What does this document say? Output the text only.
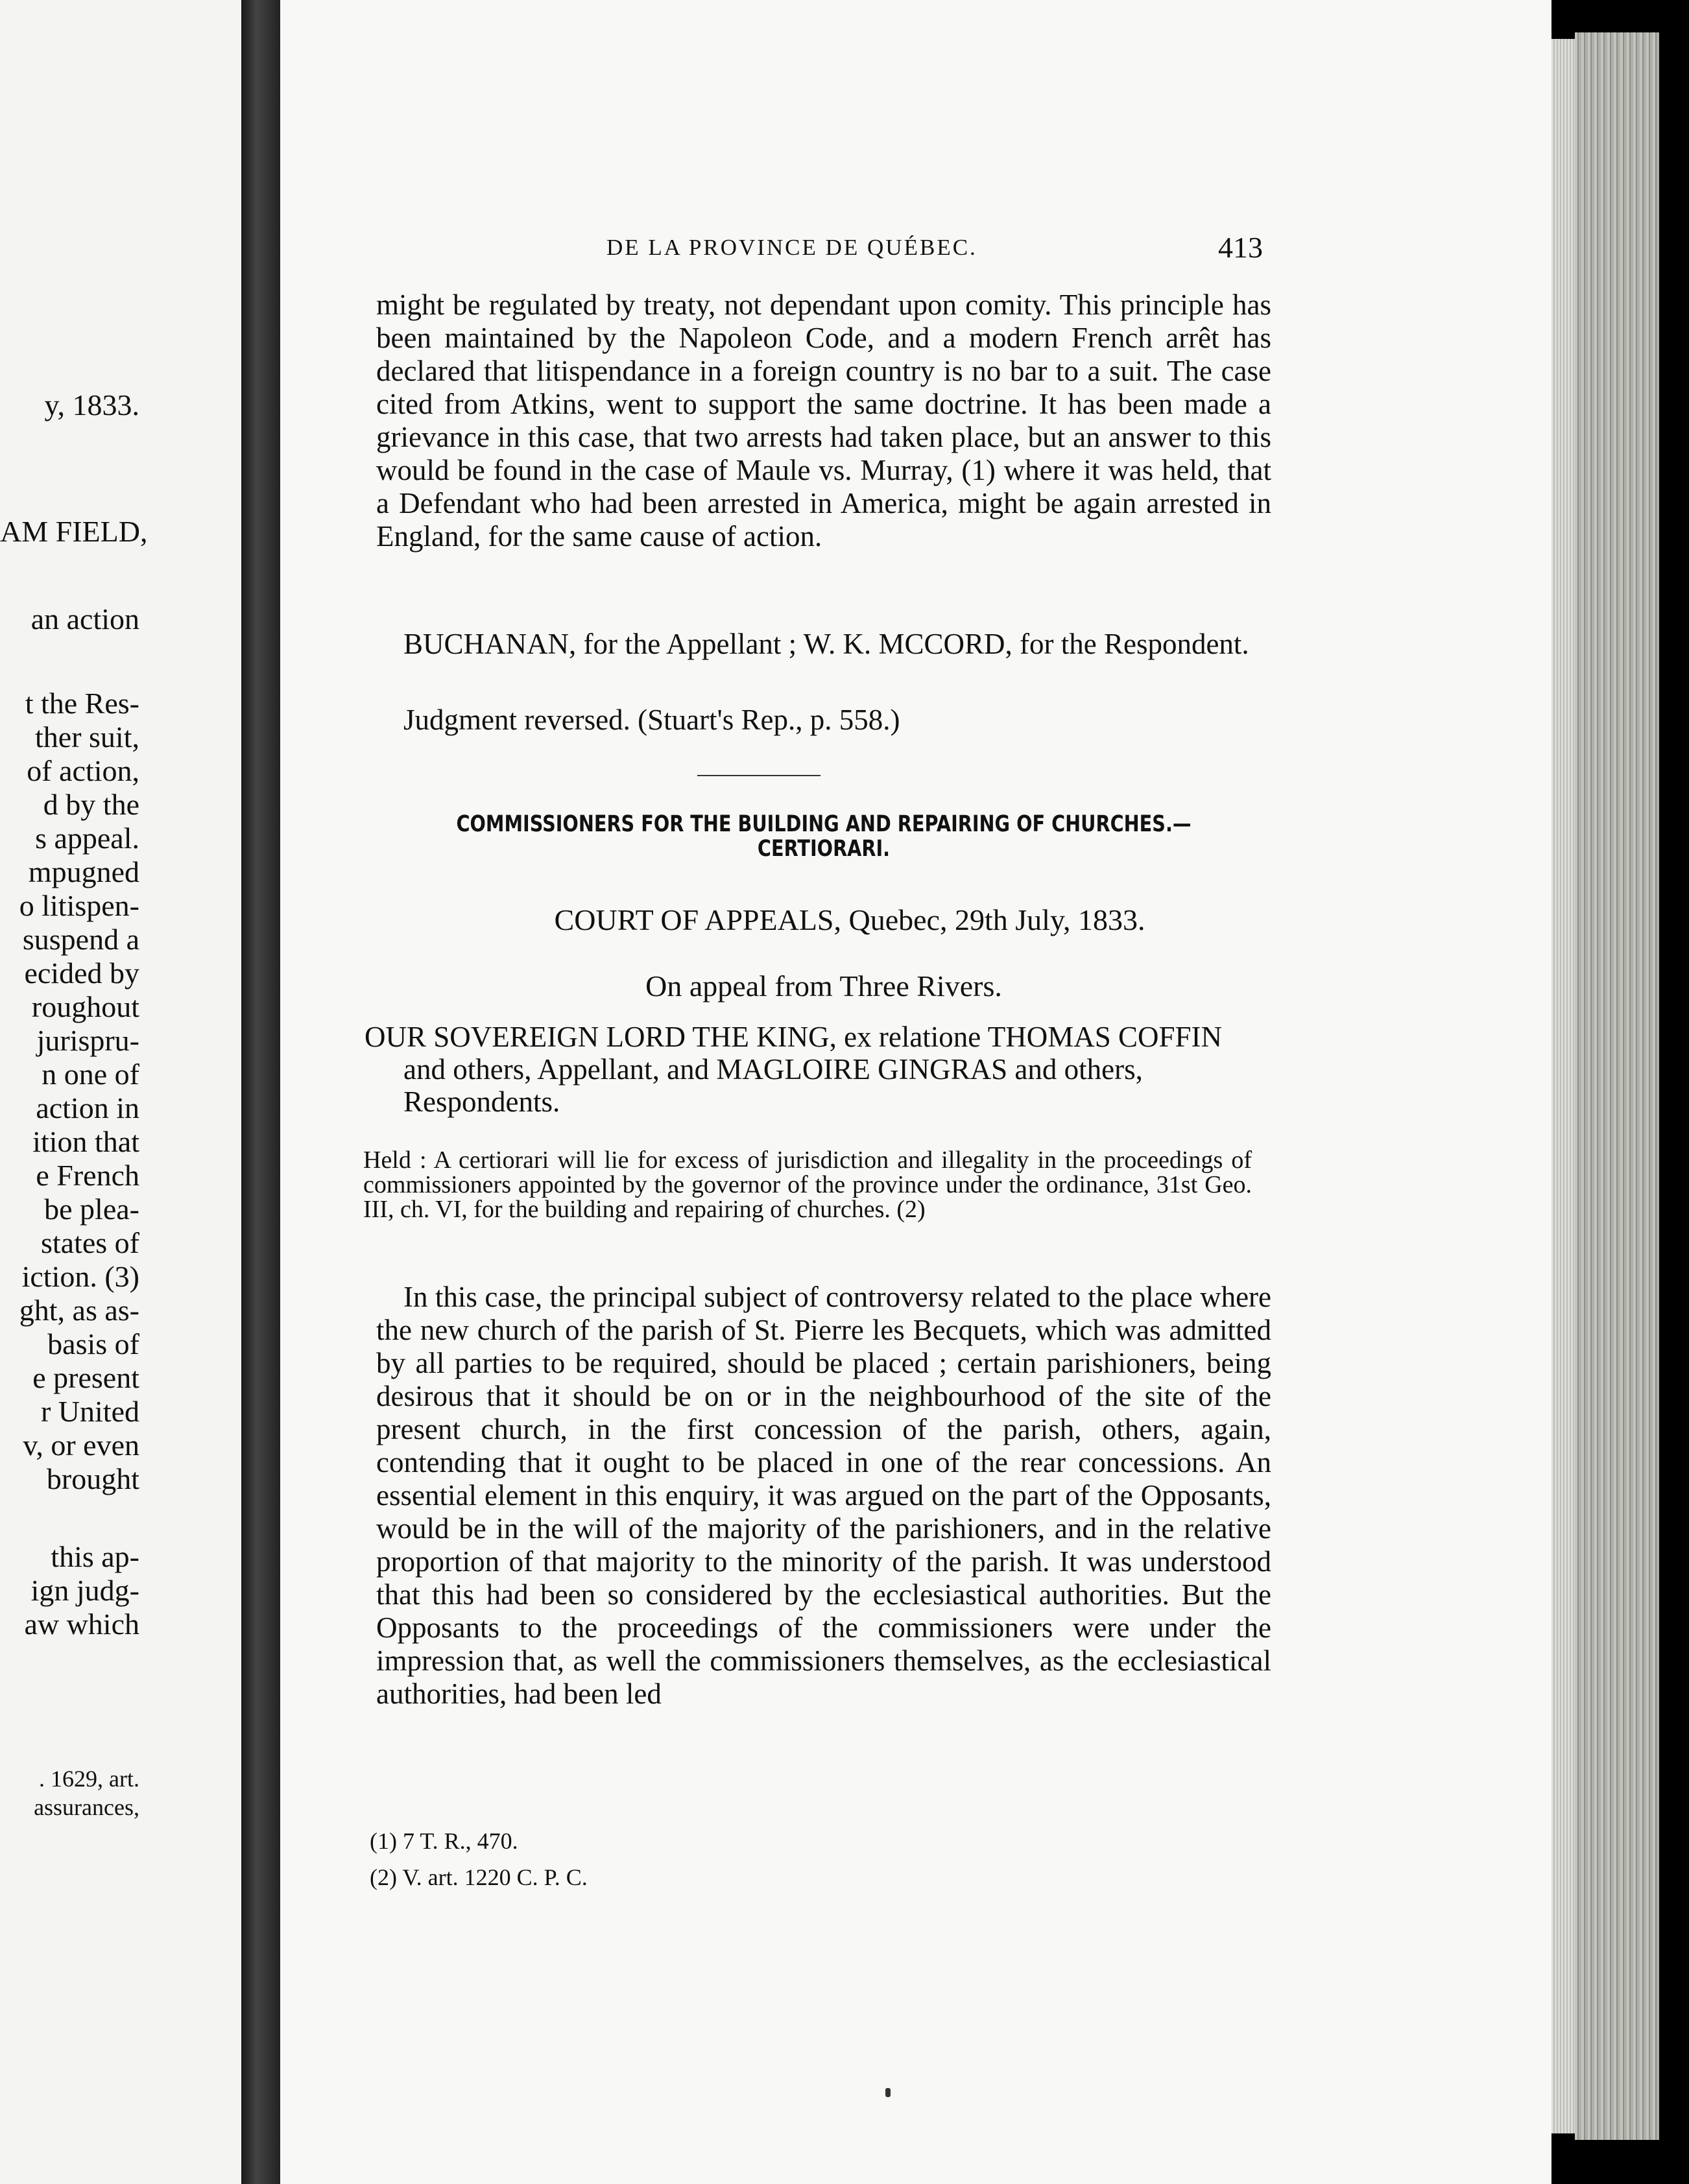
y, 1833.
AM FIELD,
an action
t the Res-
ther suit,
of action,
d by the
s appeal.
mpugned
o litispen-
suspend a
ecided by
roughout
jurispru-
n one of
action in
ition that
e French
be plea-
states of
iction. (3)
ght, as as-
basis of
e present
r United
v, or even
brought
this ap-
ign judg-
aw which
. 1629, art.
assurances,
DE LA PROVINCE DE QUÉBEC.	413
might be regulated by treaty, not dependant upon comity. This principle has been maintained by the Napoleon Code, and a modern French arrêt has declared that litispendance in a foreign country is no bar to a suit. The case cited from Atkins, went to support the same doctrine. It has been made a grievance in this case, that two arrests had taken place, but an answer to this would be found in the case of Maule vs. Murray, (1) where it was held, that a Defendant who had been arrested in America, might be again arrested in England, for the same cause of action.
BUCHANAN, for the Appellant ; W. K. MCCORD, for the Respondent.
Judgment reversed. (Stuart's Rep., p. 558.)
COMMISSIONERS FOR THE BUILDING AND REPAIRING OF CHURCHES.—
CERTIORARI.
COURT OF APPEALS, Quebec, 29th July, 1833.
On appeal from Three Rivers.
OUR SOVEREIGN LORD THE KING, ex relatione THOMAS COFFIN and others, Appellant, and MAGLOIRE GINGRAS and others, Respondents.
Held : A certiorari will lie for excess of jurisdiction and illegality in the proceedings of commissioners appointed by the governor of the province under the ordinance, 31st Geo. III, ch. VI, for the building and repairing of churches. (2)
In this case, the principal subject of controversy related to the place where the new church of the parish of St. Pierre les Becquets, which was admitted by all parties to be required, should be placed ; certain parishioners, being desirous that it should be on or in the neighbourhood of the site of the present church, in the first concession of the parish, others, again, contending that it ought to be placed in one of the rear concessions. An essential element in this enquiry, it was argued on the part of the Opposants, would be in the will of the majority of the parishioners, and in the relative proportion of that majority to the minority of the parish. It was understood that this had been so considered by the ecclesiastical authorities. But the Opposants to the proceedings of the commissioners were under the impression that, as well the commissioners themselves, as the ecclesiastical authorities, had been led
(1) 7 T. R., 470.
(2) V. art. 1220 C. P. C.
